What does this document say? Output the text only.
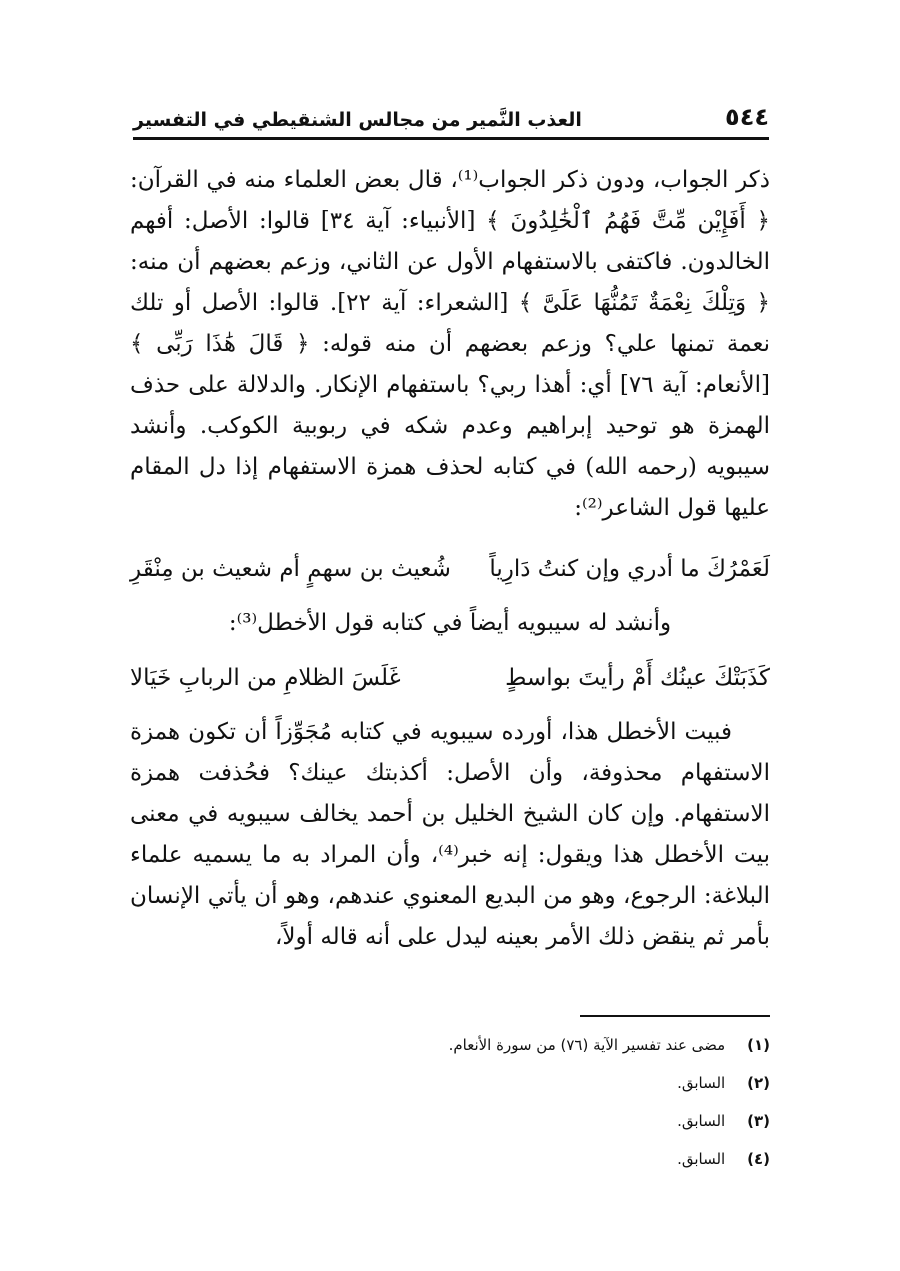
٥٤٤
العذب النَّمير من مجالس الشنقيطي في التفسير

ذكر الجواب، ودون ذكر الجواب⁽¹⁾، قال بعض العلماء منه في القرآن: ﴿ أَفَإِيْن مِّتَّ فَهُمُ ٱلْخَٰلِدُونَ ﴾ [الأنبياء: آية ٣٤] قالوا: الأصل: أفهم الخالدون. فاكتفى بالاستفهام الأول عن الثاني، وزعم بعضهم أن منه: ﴿ وَتِلْكَ نِعْمَةٌ تَمُنُّهَا عَلَىَّ ﴾ [الشعراء: آية ٢٢]. قالوا: الأصل أو تلك نعمة تمنها علي؟ وزعم بعضهم أن منه قوله: ﴿ قَالَ هَٰذَا رَبِّى ﴾ [الأنعام: آية ٧٦] أي: أهذا ربي؟ باستفهام الإنكار. والدلالة على حذف الهمزة هو توحيد إبراهيم وعدم شكه في ربوبية الكوكب. وأنشد سيبويه (رحمه الله) في كتابه لحذف همزة الاستفهام إذا دل المقام عليها قول الشاعر⁽²⁾:

لَعَمْرُكَ ما أدري وإن كنتُ دَارِياً
شُعيث بن سهمٍ أم شعيث بن مِنْقَرِ

وأنشد له سيبويه أيضاً في كتابه قول الأخطل⁽³⁾:

كَذَبَتْكَ عينُك أَمْ رأيتَ بواسطٍ
غَلَسَ الظلامِ من الربابِ خَيَالا

فبيت الأخطل هذا، أورده سيبويه في كتابه مُجَوِّزاً أن تكون همزة الاستفهام محذوفة، وأن الأصل: أكذبتك عينك؟ فحُذفت همزة الاستفهام. وإن كان الشيخ الخليل بن أحمد يخالف سيبويه في معنى بيت الأخطل هذا ويقول: إنه خبر⁽⁴⁾، وأن المراد به ما يسميه علماء البلاغة: الرجوع، وهو من البديع المعنوي عندهم، وهو أن يأتي الإنسان بأمر ثم ينقض ذلك الأمر بعينه ليدل على أنه قاله أولاً،

(١) مضى عند تفسير الآية (٧٦) من سورة الأنعام.
(٢) السابق.
(٣) السابق.
(٤) السابق.
